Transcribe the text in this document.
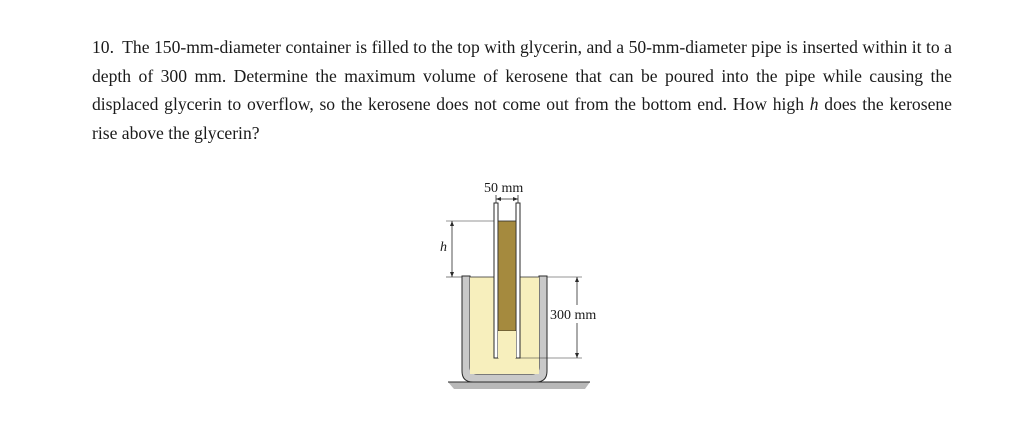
10. The 150-mm-diameter container is filled to the top with glycerin, and a 50-mm-diameter pipe is inserted within it to a depth of 300 mm. Determine the maximum volume of kerosene that can be poured into the pipe while causing the displaced glycerin to overflow, so the kerosene does not come out from the bottom end. How high h does the kerosene rise above the glycerin?

50 mm
h
300 mm
